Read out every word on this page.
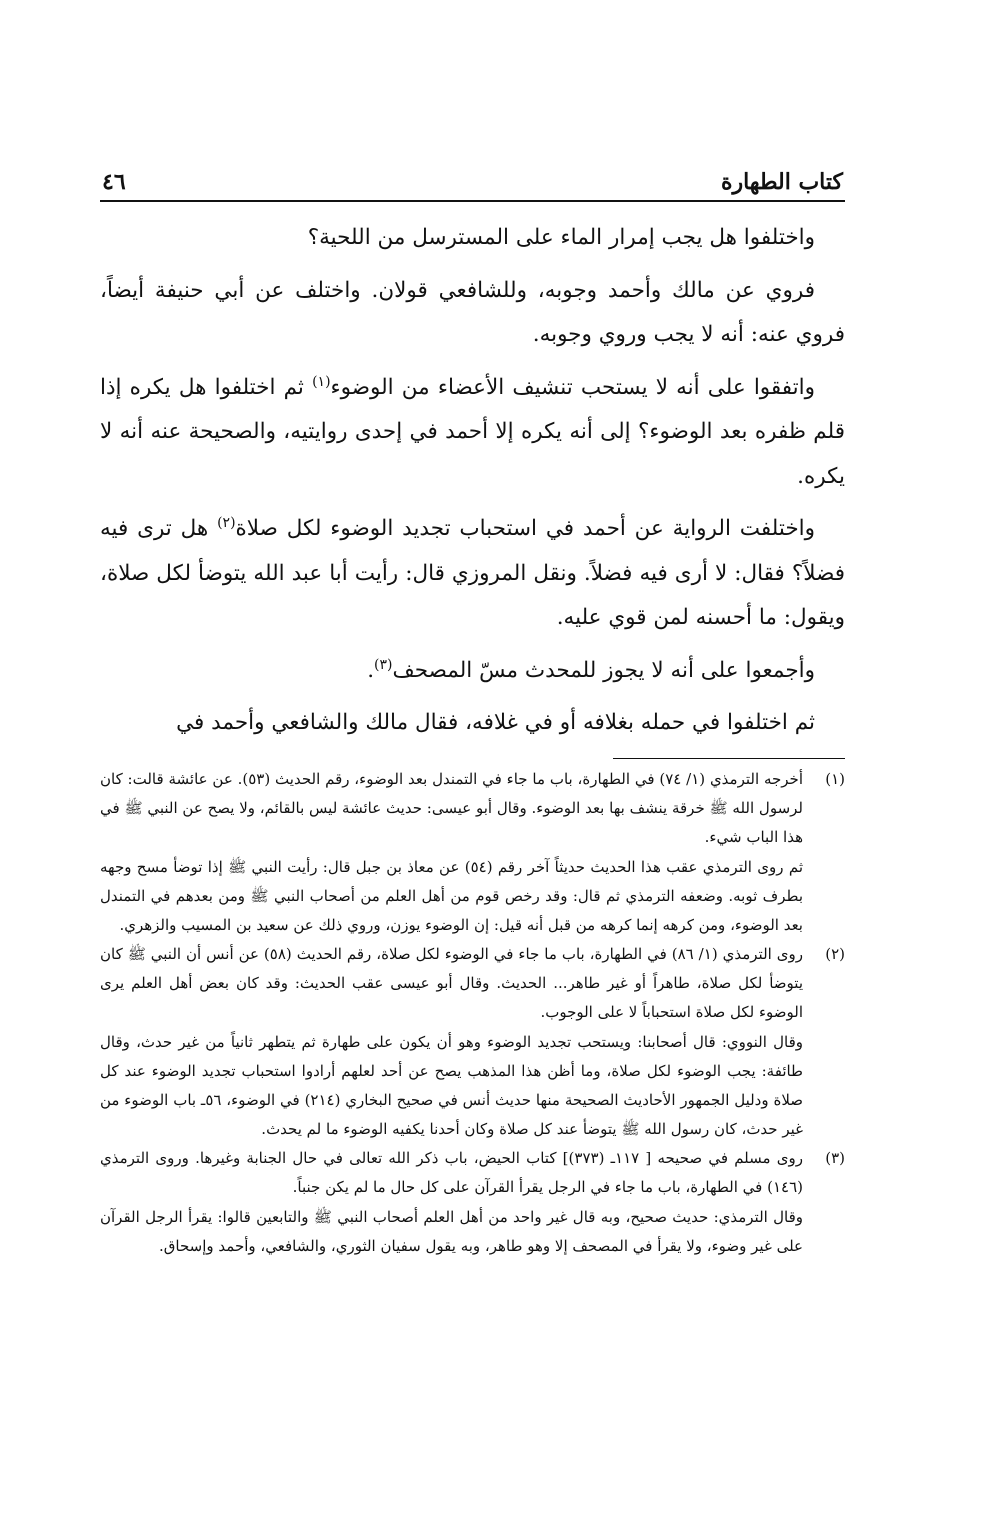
كتاب الطهارة
٤٦

واختلفوا هل يجب إمرار الماء على المسترسل من اللحية؟

فروي عن مالك وأحمد وجوبه، وللشافعي قولان. واختلف عن أبي حنيفة أيضاً، فروي عنه: أنه لا يجب وروي وجوبه.

واتفقوا على أنه لا يستحب تنشيف الأعضاء من الوضوء$^{(١)}$ ثم اختلفوا هل يكره إذا قلم ظفره بعد الوضوء؟ إلى أنه يكره إلا أحمد في إحدى روايتيه، والصحيحة عنه أنه لا يكره.

واختلفت الرواية عن أحمد في استحباب تجديد الوضوء لكل صلاة$^{(٢)}$ هل ترى فيه فضلاً؟ فقال: لا أرى فيه فضلاً. ونقل المروزي قال: رأيت أبا عبد الله يتوضأ لكل صلاة، ويقول: ما أحسنه لمن قوي عليه.

وأجمعوا على أنه لا يجوز للمحدث مسّ المصحف$^{(٣)}$.

ثم اختلفوا في حمله بغلافه أو في غلافه، فقال مالك والشافعي وأحمد في

(١)

أخرجه الترمذي (١/ ٧٤) في الطهارة، باب ما جاء في التمندل بعد الوضوء، رقم الحديث (٥٣). عن عائشة قالت: كان لرسول الله ﷺ خرقة ينشف بها بعد الوضوء. وقال أبو عيسى: حديث عائشة ليس بالقائم، ولا يصح عن النبي ﷺ في هذا الباب شيء.

ثم روى الترمذي عقب هذا الحديث حديثاً آخر رقم (٥٤) عن معاذ بن جبل قال: رأيت النبي ﷺ إذا توضأ مسح وجهه بطرف ثوبه. وضعفه الترمذي ثم قال: وقد رخص قوم من أهل العلم من أصحاب النبي ﷺ ومن بعدهم في التمندل بعد الوضوء، ومن كرهه إنما كرهه من قبل أنه قيل: إن الوضوء يوزن، وروي ذلك عن سعيد بن المسيب والزهري.

(٢)

روى الترمذي (١/ ٨٦) في الطهارة، باب ما جاء في الوضوء لكل صلاة، رقم الحديث (٥٨) عن أنس أن النبي ﷺ كان يتوضأ لكل صلاة، طاهراً أو غير طاهر... الحديث. وقال أبو عيسى عقب الحديث: وقد كان بعض أهل العلم يرى الوضوء لكل صلاة استحباباً لا على الوجوب.

وقال النووي: قال أصحابنا: ويستحب تجديد الوضوء وهو أن يكون على طهارة ثم يتطهر ثانياً من غير حدث، وقال طائفة: يجب الوضوء لكل صلاة، وما أظن هذا المذهب يصح عن أحد لعلهم أرادوا استحباب تجديد الوضوء عند كل صلاة ودليل الجمهور الأحاديث الصحيحة منها حديث أنس في صحيح البخاري (٢١٤) في الوضوء، ٥٦ـ باب الوضوء من غير حدث، كان رسول الله ﷺ يتوضأ عند كل صلاة وكان أحدنا يكفيه الوضوء ما لم يحدث.

(٣)

روى مسلم في صحيحه [ ١١٧ـ (٣٧٣)] كتاب الحيض، باب ذكر الله تعالى في حال الجنابة وغيرها. وروى الترمذي (١٤٦) في الطهارة، باب ما جاء في الرجل يقرأ القرآن على كل حال ما لم يكن جنباً.

وقال الترمذي: حديث صحيح، وبه قال غير واحد من أهل العلم أصحاب النبي ﷺ والتابعين قالوا: يقرأ الرجل القرآن على غير وضوء، ولا يقرأ في المصحف إلا وهو طاهر، وبه يقول سفيان الثوري، والشافعي، وأحمد وإسحاق.
